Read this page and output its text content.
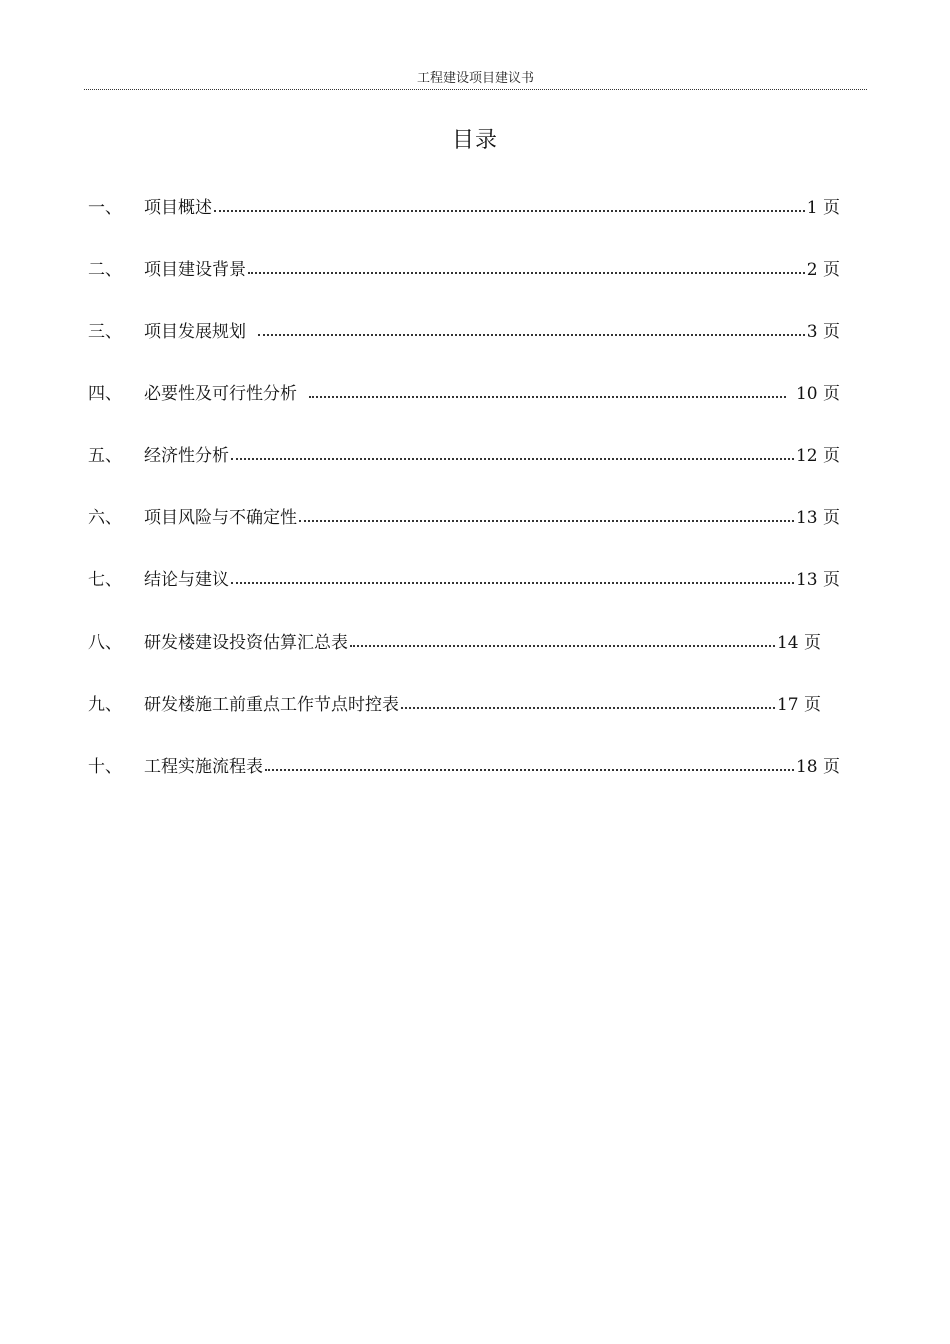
工程建设项目建议书
目录
一、	项目概述	1 页
二、	项目建设背景	2 页
三、	项目发展规划	3 页
四、	必要性及可行性分析	10 页
五、	经济性分析	12 页
六、	项目风险与不确定性	13 页
七、	结论与建议	13 页
八、	研发楼建设投资估算汇总表	14 页
九、	研发楼施工前重点工作节点时控表	17 页
十、	工程实施流程表	18 页
